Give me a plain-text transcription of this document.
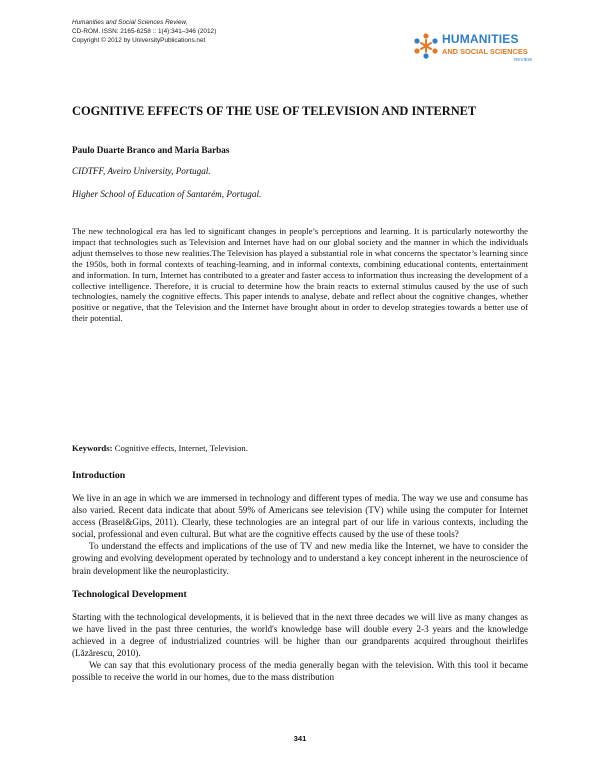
Humanities and Social Sciences Review,
CD-ROM. ISSN: 2165-6258 :: 1(4):341–346 (2012)
Copyright © 2012 by UniversityPublications.net	HUMANITIES
AND SOCIAL SCIENCES
REVIEW
COGNITIVE EFFECTS OF THE USE OF TELEVISION AND INTERNET
Paulo Duarte Branco and Maria Barbas
CIDTFF, Aveiro University, Portugal.
Higher School of Education of Santarém, Portugal.
The new technological era has led to significant changes in people’s perceptions and learning. It is particularly noteworthy the impact that technologies such as Television and Internet have had on our global society and the manner in which the individuals adjust themselves to those new realities.The Television has played a substantial role in what concerns the spectator’s learning since the 1950s, both in formal contexts of teaching-learning, and in informal contexts, combining educational contents, entertainment and information. In turn, Internet has contributed to a greater and faster access to information thus increasing the development of a collective intelligence. Therefore, it is crucial to determine how the brain reacts to external stimulus caused by the use of such technologies, namely the cognitive effects. This paper intends to analyse, debate and reflect about the cognitive changes, whether positive or negative, that the Television and the Internet have brought about in order to develop strategies towards a better use of their potential.
Keywords: Cognitive effects, Internet, Television.
Introduction

We live in an age in which we are immersed in technology and different types of media. The way we use and consume has also varied. Recent data indicate that about 59% of Americans see television (TV) while using the computer for Internet access (Brasel&Gips, 2011). Clearly, these technologies are an integral part of our life in various contexts, including the social, professional and even cultural. But what are the cognitive effects caused by the use of these tools?

To understand the effects and implications of the use of TV and new media like the Internet, we have to consider the growing and evolving development operated by technology and to understand a key concept inherent in the neuroscience of brain development like the neuroplasticity.

Technological Development

Starting with the technological developments, it is believed that in the next three decades we will live as many changes as we have lived in the past three centuries, the world's knowledge base will double every 2-3 years and the knowledge achieved in a degree of industrialized countries will be higher than our grandparents acquired throughout theirlifes (Lăzărescu, 2010).

We can say that this evolutionary process of the media generally began with the television. With this tool it became possible to receive the world in our homes, due to the mass distribution

341
